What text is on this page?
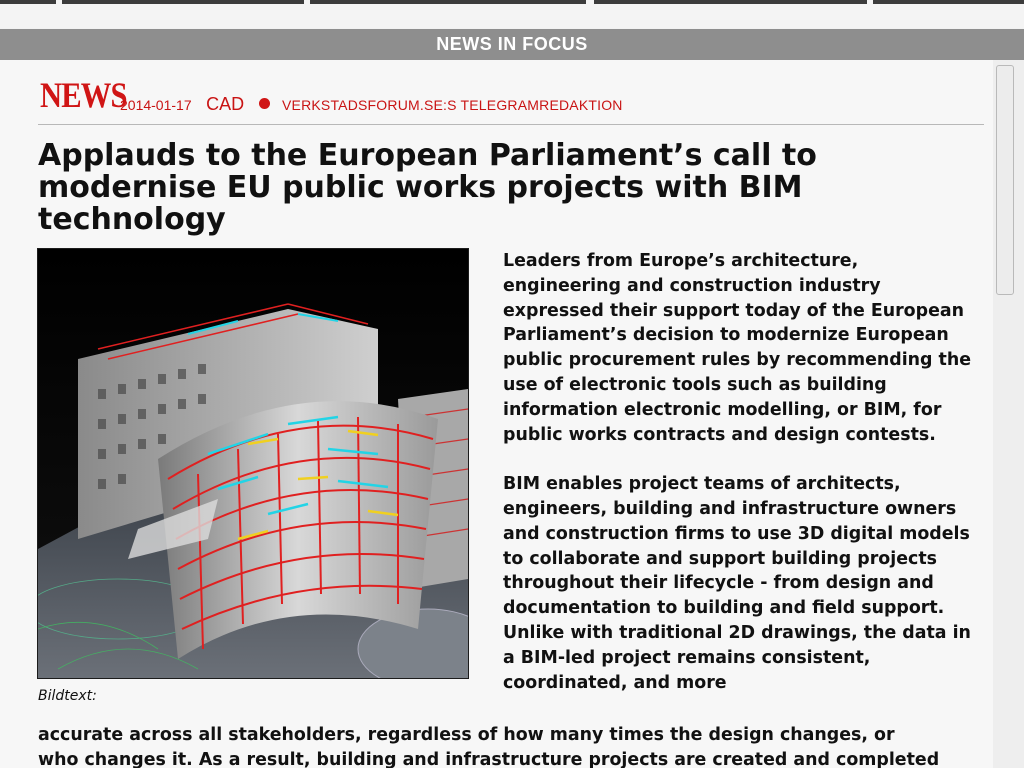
NEWS IN FOCUS
NEWS
2014-01-17 CAD	VERKSTADSFORUM.SE:S TELEGRAMREDAKTION
Applauds to the European Parliament’s call to modernise EU public works projects with BIM technology
Bildtext:

Leaders from Europe’s architecture, engineering and construction industry expressed their support today of the European Parliament’s decision to modernize European public procurement rules by recommending the use of electronic tools such as building information electronic modelling, or BIM, for public works contracts and design contests.

BIM enables project teams of architects, engineers, building and infrastructure owners and construction firms to use 3D digital models to collaborate and support building projects throughout their lifecycle - from design and documentation to building and field support. Unlike with traditional 2D drawings, the data in a BIM-led project remains consistent, coordinated, and more

accurate across all stakeholders, regardless of how many times the design changes, or
who changes it. As a result, building and infrastructure projects are created and completed
